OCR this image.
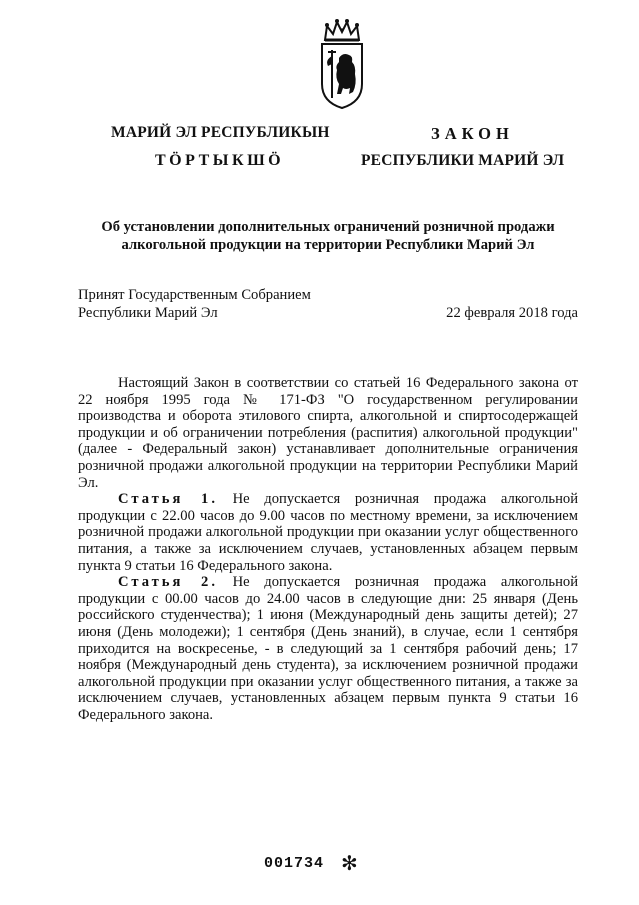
МАРИЙ ЭЛ РЕСПУБЛИКЫН
ТӦРТЫКШӦ
ЗАКОН
РЕСПУБЛИКИ МАРИЙ ЭЛ
Об установлении дополнительных ограничений розничной продажи
алкогольной продукции на территории Республики Марий Эл
Принят Государственным Собранием
Республики Марий Эл	22 февраля 2018 года

Настоящий Закон в соответствии со статьей 16 Федерального закона от 22 ноября 1995 года № 171-ФЗ "О государственном регулировании производства и оборота этилового спирта, алкогольной и спиртосодержащей продукции и об ограничении потребления (распития) алкогольной продукции" (далее - Федеральный закон) устанавливает дополнительные ограничения розничной продажи алкогольной продукции на территории Республики Марий Эл.

Статья 1. Не допускается розничная продажа алкогольной продукции с 22.00 часов до 9.00 часов по местному времени, за исключением розничной продажи алкогольной продукции при оказании услуг общественного питания, а также за исключением случаев, установленных абзацем первым пункта 9 статьи 16 Федерального закона.

Статья 2. Не допускается розничная продажа алкогольной продукции с 00.00 часов до 24.00 часов в следующие дни: 25 января (День российского студенчества); 1 июня (Международный день защиты детей); 27 июня (День молодежи); 1 сентября (День знаний), в случае, если 1 сентября приходится на воскресенье, - в следующий за 1 сентября рабочий день; 17 ноября (Международный день студента), за исключением розничной продажи алкогольной продукции при оказании услуг общественного питания, а также за исключением случаев, установленных абзацем первым пункта 9 статьи 16 Федерального закона.

001734 ✻
